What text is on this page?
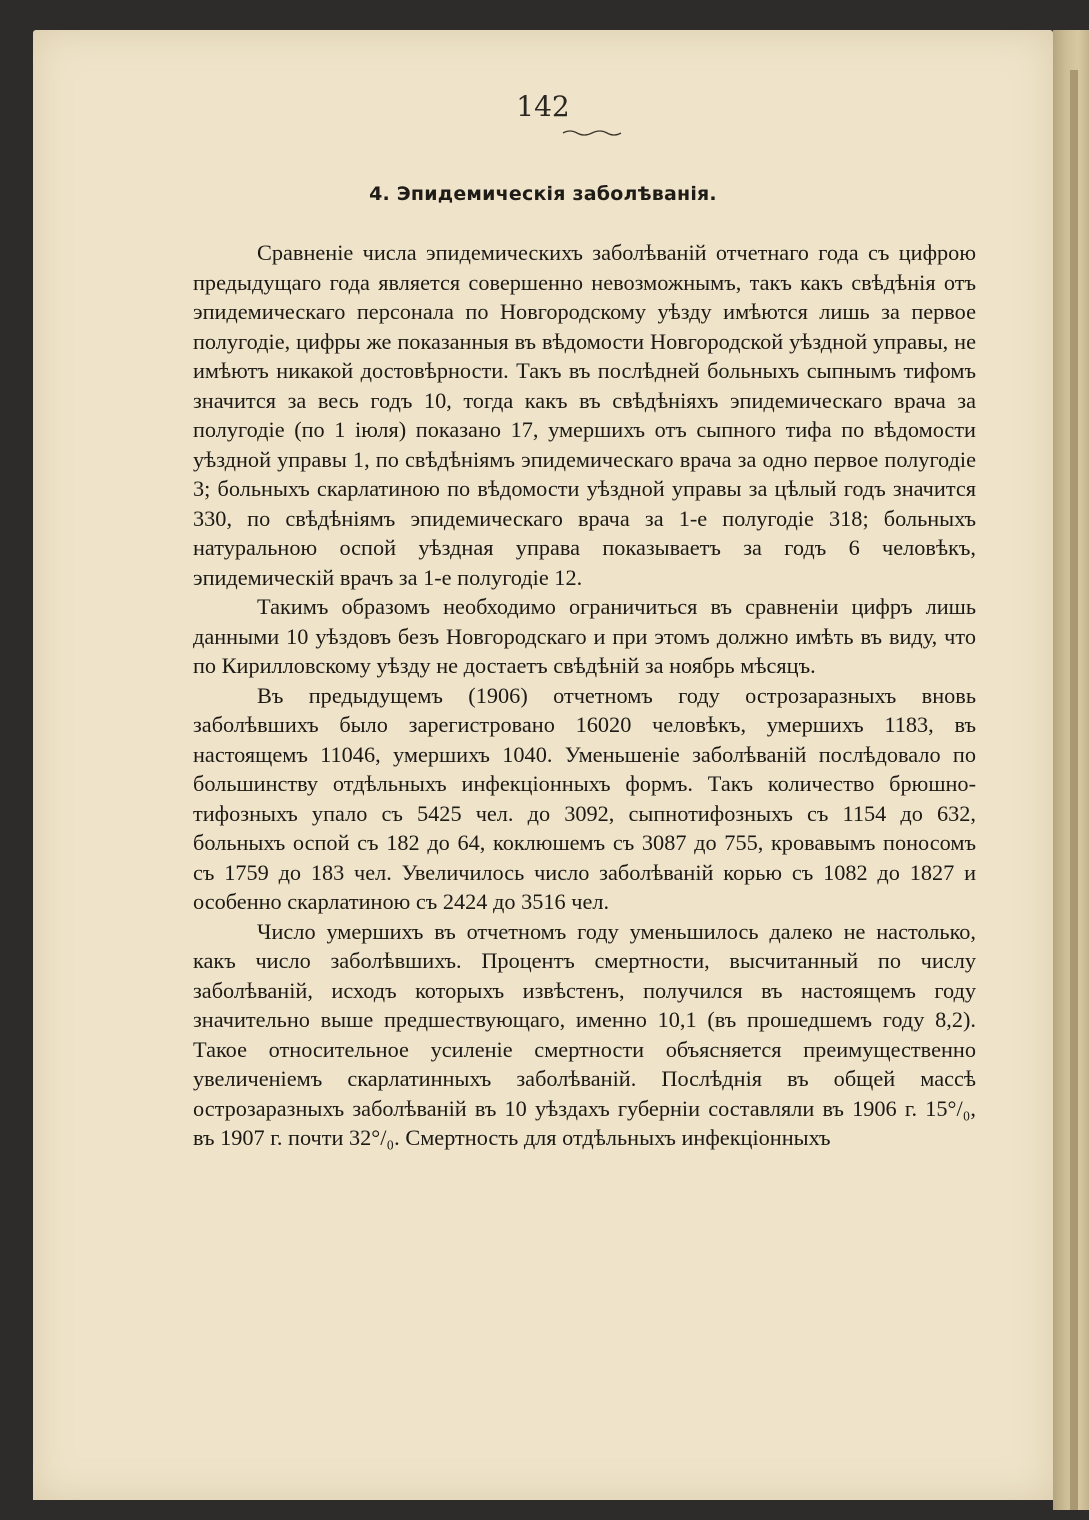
142
4. Эпидемическія заболѣванія.

Сравненіе числа эпидемическихъ заболѣваній отчетнаго года съ цифрою предыдущаго года является совершенно невозможнымъ, такъ какъ свѣдѣнія отъ эпидемическаго персонала по Новгородскому уѣзду имѣются лишь за первое полугодіе, цифры же показанныя въ вѣдомости Новгородской уѣздной управы, не имѣютъ никакой достовѣрности. Такъ въ послѣдней больныхъ сыпнымъ тифомъ значится за весь годъ 10, тогда какъ въ свѣдѣніяхъ эпидемическаго врача за полугодіе (по 1 іюля) показано 17, умершихъ отъ сыпного тифа по вѣдомости уѣздной управы 1, по свѣдѣніямъ эпидемическаго врача за одно первое полугодіе 3; больныхъ скарлатиною по вѣдомости уѣздной управы за цѣлый годъ значится 330, по свѣдѣніямъ эпидемическаго врача за 1-е полугодіе 318; больныхъ натуральною оспой уѣздная управа показываетъ за годъ 6 человѣкъ, эпидемическій врачъ за 1-е полугодіе 12.

Такимъ образомъ необходимо ограничиться въ сравненіи цифръ лишь данными 10 уѣздовъ безъ Новгородскаго и при этомъ должно имѣть въ виду, что по Кирилловскому уѣзду не достаетъ свѣдѣній за ноябрь мѣсяцъ.

Въ предыдущемъ (1906) отчетномъ году острозаразныхъ вновь заболѣвшихъ было зарегистровано 16020 человѣкъ, умершихъ 1183, въ настоящемъ 11046, умершихъ 1040. Уменьшеніе заболѣваній послѣдовало по большинству отдѣльныхъ инфекціонныхъ формъ. Такъ количество брюшно-тифозныхъ упало съ 5425 чел. до 3092, сыпнотифозныхъ съ 1154 до 632, больныхъ оспой съ 182 до 64, коклюшемъ съ 3087 до 755, кровавымъ поносомъ съ 1759 до 183 чел. Увеличилось число заболѣваній корью съ 1082 до 1827 и особенно скарлатиною съ 2424 до 3516 чел.

Число умершихъ въ отчетномъ году уменьшилось далеко не настолько, какъ число заболѣвшихъ. Процентъ смертности, высчитанный по числу заболѣваній, исходъ которыхъ извѣстенъ, получился въ настоящемъ году значительно выше предшествующаго, именно 10,1 (въ прошедшемъ году 8,2). Такое относительное усиленіе смертности объясняется преимущественно увеличеніемъ скарлатинныхъ заболѣваній. Послѣднія въ общей массѣ острозаразныхъ заболѣваній въ 10 уѣздахъ губерніи составляли въ 1906 г. 15°/₀, въ 1907 г. почти 32°/₀. Смертность для отдѣльныхъ инфекціонныхъ
